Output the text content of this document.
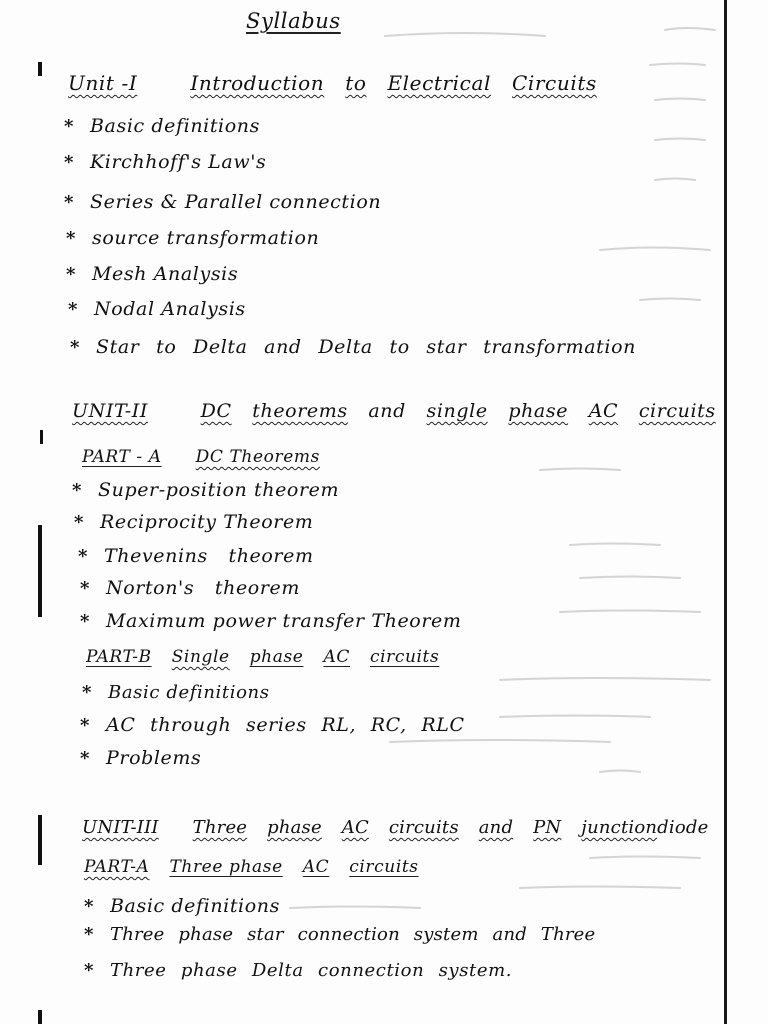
Syllabus
Unit -I	Introduction to Electrical Circuits
* Basic definitions
* Kirchhoff's Law's
* Series & Parallel connection
* source transformation
* Mesh Analysis
* Nodal Analysis
* Star to Delta and Delta to star transformation
UNIT-II	DC theorems and single phase AC circuits
PART - A DC Theorems
* Super-position theorem
* Reciprocity Theorem
* Thevenins theorem
* Norton's theorem
* Maximum power transfer Theorem
PART-B Single phase AC circuits
* Basic definitions
* AC through series RL, RC, RLC
* Problems
UNIT-III Three phase AC circuits and PN junctiondiode
PART-A Three phase AC circuits
* Basic definitions
* Three phase star connection system and Three
* Three phase Delta connection system.
